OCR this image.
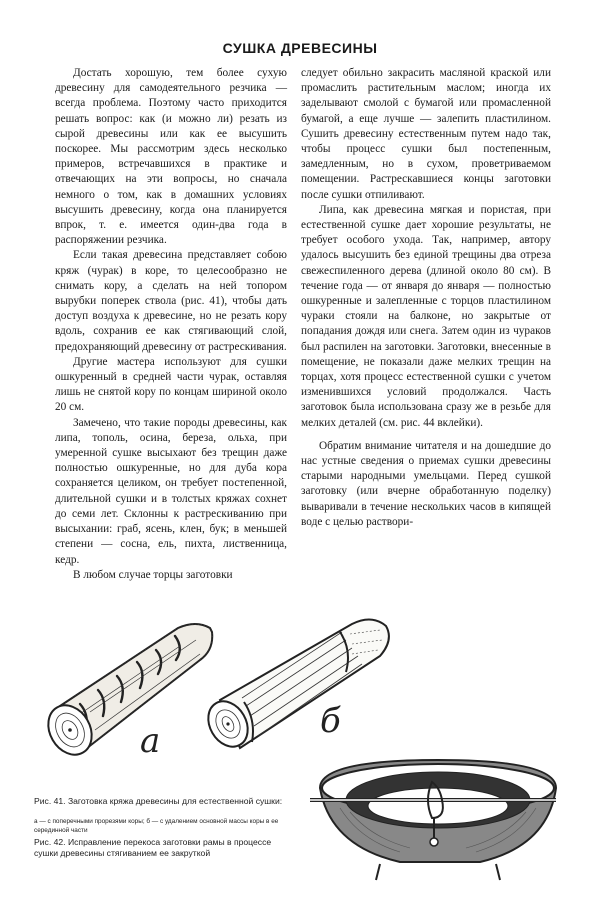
СУШКА ДРЕВЕСИНЫ

Достать хорошую, тем более сухую древесину для самодеятельного резчика — всегда проблема. Поэтому часто приходится решать вопрос: как (и можно ли) резать из сырой древесины или как ее высушить поскорее. Мы рассмотрим здесь несколько примеров, встречавшихся в практике и отвечающих на эти вопросы, но сначала немного о том, как в домашних условиях высушить древесину, когда она планируется впрок, т. е. имеется один-два года в распоряжении резчика.

Если такая древесина представляет собою кряж (чурак) в коре, то целесообразно не снимать кору, а сделать на ней топором вырубки поперек ствола (рис. 41), чтобы дать доступ воздуха к древесине, но не резать кору вдоль, сохранив ее как стягивающий слой, предохраняющий древесину от растрескивания.

Другие мастера используют для сушки ошкуренный в средней части чурак, оставляя лишь не снятой кору по концам шириной около 20 см.

Замечено, что такие породы древесины, как липа, тополь, осина, береза, ольха, при умеренной сушке высыхают без трещин даже полностью ошкуренные, но для дуба кора сохраняется целиком, он требует постепенной, длительной сушки и в толстых кряжах сохнет до семи лет. Склонны к растрескиванию при высыхании: граб, ясень, клен, бук; в меньшей степени — сосна, ель, пихта, лиственница, кедр.

В любом случае торцы заготовки

следует обильно закрасить масляной краской или промаслить растительным маслом; иногда их заделывают смолой с бумагой или промасленной бумагой, а еще лучше — залепить пластилином. Сушить древесину естественным путем надо так, чтобы процесс сушки был постепенным, замедленным, но в сухом, проветриваемом помещении. Растрескавшиеся концы заготовки после сушки отпиливают.

Липа, как древесина мягкая и пористая, при естественной сушке дает хорошие результаты, не требует особого ухода. Так, например, автору удалось высушить без единой трещины два отреза свежеспиленного дерева (длиной около 80 см). В течение года — от января до января — полностью ошкуренные и залепленные с торцов пластилином чураки стояли на балконе, но закрытые от попадания дождя или снега. Затем один из чураков был распилен на заготовки. Заготовки, внесенные в помещение, не показали даже мелких трещин на торцах, хотя процесс естественной сушки с учетом изменившихся условий продолжался. Часть заготовок была использована сразу же в резьбе для мелких деталей (см. рис. 44 вклейки).

Обратим внимание читателя и на дошедшие до нас устные сведения о приемах сушки древесины старыми народными умельцами. Перед сушкой заготовку (или вчерне обработанную поделку) вываривали в течение нескольких часов в кипящей воде с целью раствори-

а	б
Рис. 41. Заготовка кряжа древесины для естественной сушки:
а — с поперечными прорезями коры; б — с удалением основной массы коры в ее серединной части
Рис. 42. Исправление перекоса заготовки рамы в процессе сушки древесины стягиванием ее закруткой
